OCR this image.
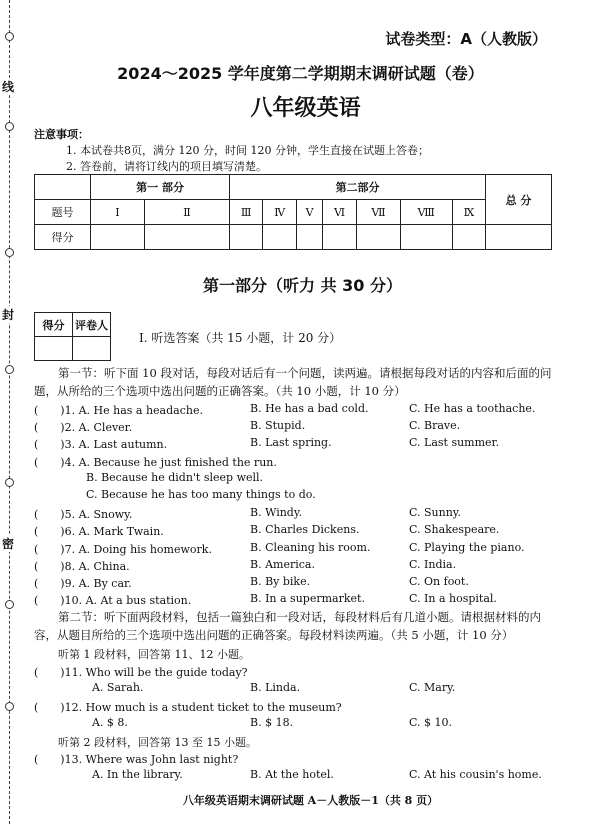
线
封
密
试卷类型：A（人教版）
2024～2025 学年度第二学期期末调研试题（卷）
八年级英语
注意事项：
1. 本试卷共8页，满分 120 分，时间 120 分钟，学生直接在试题上答卷；
2. 答卷前，请将订线内的项目填写清楚。
	第一 部分		第二部分							总 分
题号	Ⅰ	Ⅱ	Ⅲ	Ⅳ	Ⅴ	Ⅵ	Ⅶ	Ⅷ	Ⅸ	
得分										
第一部分（听力 共 30 分）
得分	评卷人

Ⅰ. 听选答案（共 15 小题，计 20 分）
第一节：听下面 10 段对话，每段对话后有一个问题，读两遍。请根据每段对话的内容和后面的问题，从所给的三个选项中选出问题的正确答案。（共 10 小题，计 10 分）
(　　)1. A. He has a headache.	B. He has a bad cold.	C. He has a toothache.
(　　)2. A. Clever.	B. Stupid.	C. Brave.
(　　)3. A. Last autumn.	B. Last spring.	C. Last summer.
(　　)4. A. Because he just finished the run.
B. Because he didn't sleep well.
C. Because he has too many things to do.
(　　)5. A. Snowy.	B. Windy.	C. Sunny.
(　　)6. A. Mark Twain.	B. Charles Dickens.	C. Shakespeare.
(　　)7. A. Doing his homework.	B. Cleaning his room.	C. Playing the piano.
(　　)8. A. China.	B. America.	C. India.
(　　)9. A. By car.	B. By bike.	C. On foot.
(　　)10. A. At a bus station.	B. In a supermarket.	C. In a hospital.
第二节：听下面两段材料，包括一篇独白和一段对话，每段材料后有几道小题。请根据材料的内容，从题目所给的三个选项中选出问题的正确答案。每段材料读两遍。（共 5 小题，计 10 分）
听第 1 段材料，回答第 11、12 小题。
(　　)11. Who will be the guide today?
A. Sarah.	B. Linda.	C. Mary.
(　　)12. How much is a student ticket to the museum?
A. $ 8.	B. $ 18.	C. $ 10.
听第 2 段材料，回答第 13 至 15 小题。
(　　)13. Where was John last night?
A. In the library.	B. At the hotel.	C. At his cousin's home.
八年级英语期末调研试题 A－人教版－1（共 8 页）
